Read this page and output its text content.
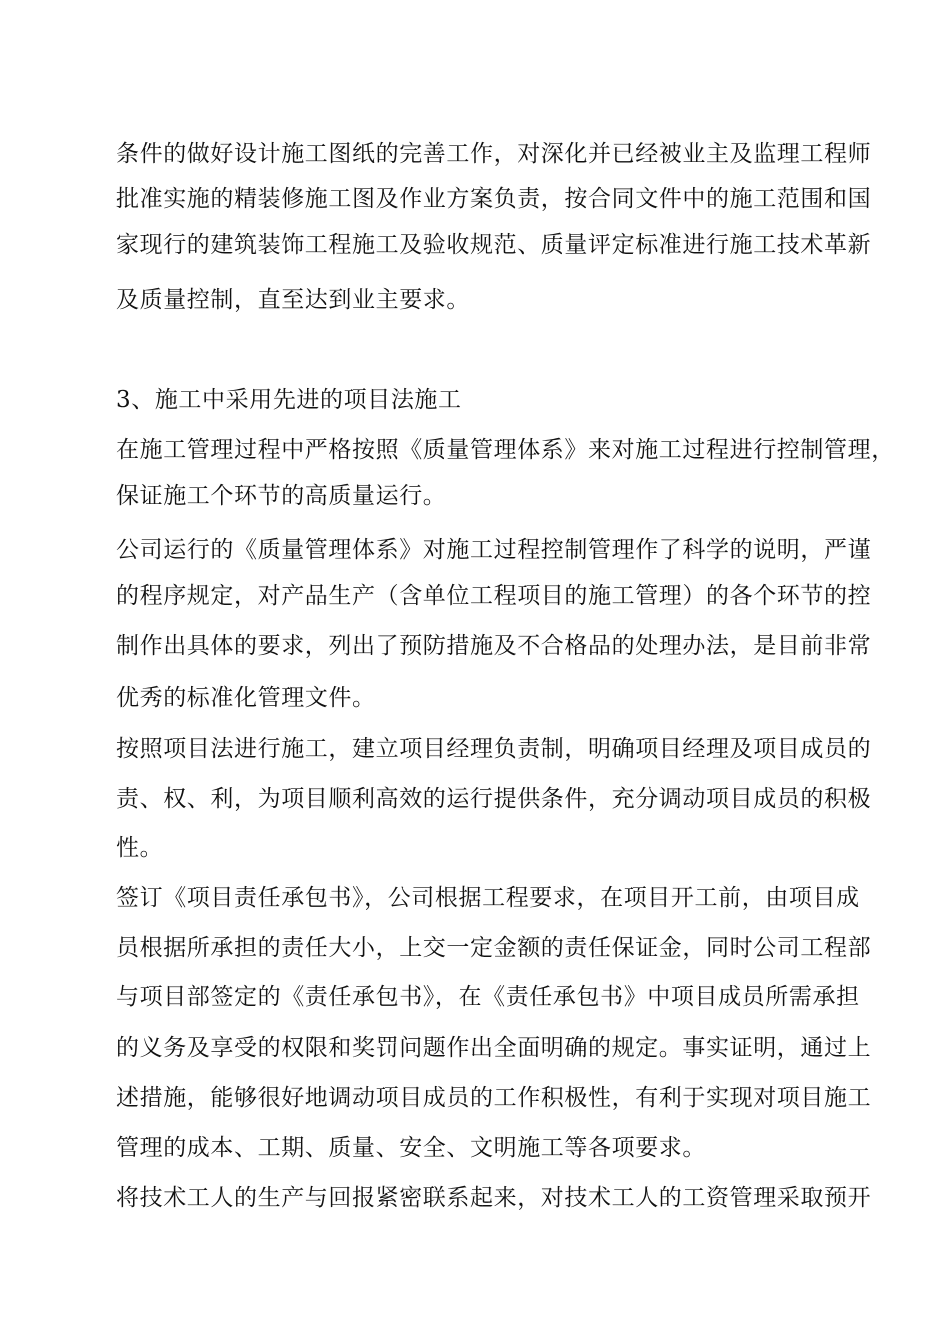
条件的做好设计施工图纸的完善工作，对深化并已经被业主及监理工程师
批准实施的精装修施工图及作业方案负责，按合同文件中的施工范围和国
家现行的建筑装饰工程施工及验收规范、质量评定标准进行施工技术革新
及质量控制，直至达到业主要求。
3、施工中采用先进的项目法施工
在施工管理过程中严格按照《质量管理体系》来对施工过程进行控制管理，
保证施工个环节的高质量运行。
公司运行的《质量管理体系》对施工过程控制管理作了科学的说明，严谨
的程序规定，对产品生产（含单位工程项目的施工管理）的各个环节的控
制作出具体的要求，列出了预防措施及不合格品的处理办法，是目前非常
优秀的标准化管理文件。
按照项目法进行施工，建立项目经理负责制，明确项目经理及项目成员的
责、权、利，为项目顺利高效的运行提供条件，充分调动项目成员的积极
性。
签订《项目责任承包书》，公司根据工程要求，在项目开工前，由项目成
员根据所承担的责任大小，上交一定金额的责任保证金，同时公司工程部
与项目部签定的《责任承包书》，在《责任承包书》中项目成员所需承担
的义务及享受的权限和奖罚问题作出全面明确的规定。事实证明，通过上
述措施，能够很好地调动项目成员的工作积极性，有利于实现对项目施工
管理的成本、工期、质量、安全、文明施工等各项要求。
将技术工人的生产与回报紧密联系起来，对技术工人的工资管理采取预开
